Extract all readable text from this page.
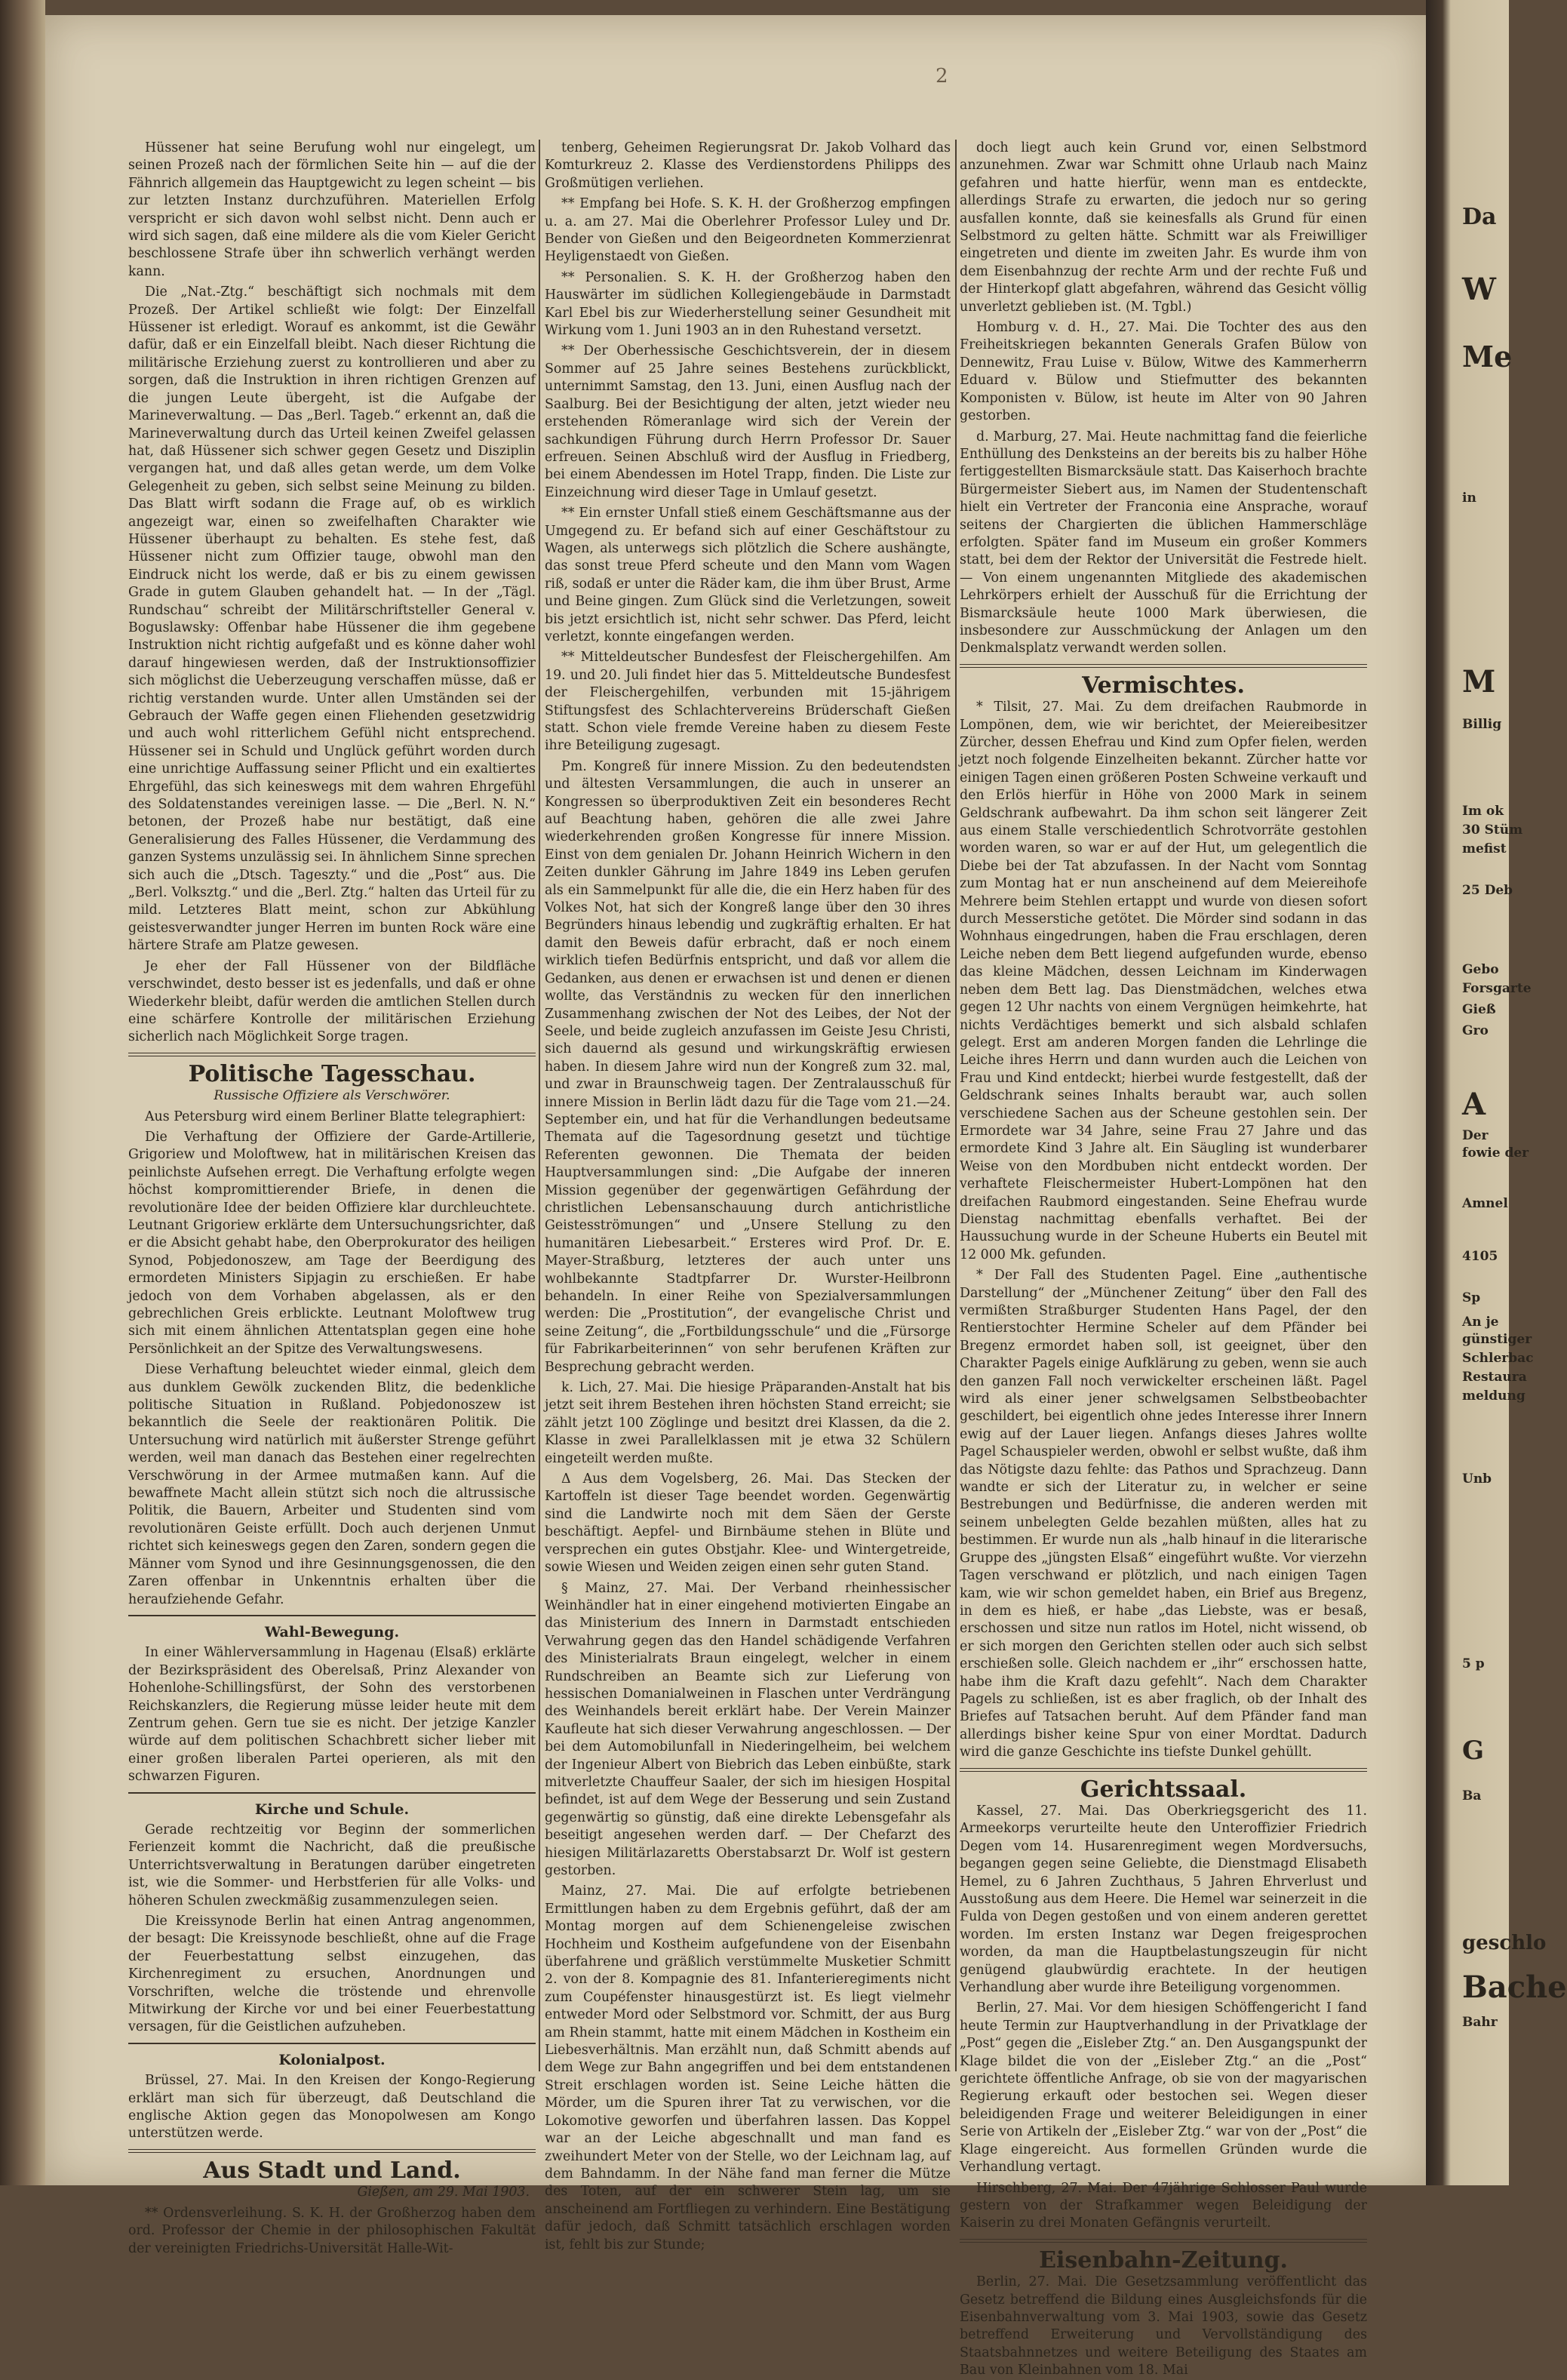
2

Hüssener hat seine Berufung wohl nur eingelegt, um seinen Prozeß nach der förmlichen Seite hin — auf die der Fähnrich allgemein das Hauptgewicht zu legen scheint — bis zur letzten Instanz durchzuführen. Materiellen Erfolg verspricht er sich davon wohl selbst nicht. Denn auch er wird sich sagen, daß eine mildere als die vom Kieler Gericht beschlossene Strafe über ihn schwerlich verhängt werden kann.

Die „Nat.-Ztg.“ beschäftigt sich nochmals mit dem Prozeß. Der Artikel schließt wie folgt: Der Einzelfall Hüssener ist erledigt. Worauf es ankommt, ist die Gewähr dafür, daß er ein Einzelfall bleibt. Nach dieser Richtung die militärische Erziehung zuerst zu kontrollieren und aber zu sorgen, daß die Instruktion in ihren richtigen Grenzen auf die jungen Leute übergeht, ist die Aufgabe der Marineverwaltung. — Das „Berl. Tageb.“ erkennt an, daß die Marineverwaltung durch das Urteil keinen Zweifel gelassen hat, daß Hüssener sich schwer gegen Gesetz und Disziplin vergangen hat, und daß alles getan werde, um dem Volke Gelegenheit zu geben, sich selbst seine Meinung zu bilden. Das Blatt wirft sodann die Frage auf, ob es wirklich angezeigt war, einen so zweifelhaften Charakter wie Hüssener überhaupt zu behalten. Es stehe fest, daß Hüssener nicht zum Offizier tauge, obwohl man den Eindruck nicht los werde, daß er bis zu einem gewissen Grade in gutem Glauben gehandelt hat. — In der „Tägl. Rundschau“ schreibt der Militärschriftsteller General v. Boguslawsky: Offenbar habe Hüssener die ihm gegebene Instruktion nicht richtig aufgefaßt und es könne daher wohl darauf hingewiesen werden, daß der Instruktionsoffizier sich möglichst die Ueberzeugung verschaffen müsse, daß er richtig verstanden wurde. Unter allen Umständen sei der Gebrauch der Waffe gegen einen Fliehenden gesetzwidrig und auch wohl ritterlichem Gefühl nicht entsprechend. Hüssener sei in Schuld und Unglück geführt worden durch eine unrichtige Auffassung seiner Pflicht und ein exaltiertes Ehrgefühl, das sich keineswegs mit dem wahren Ehrgefühl des Soldatenstandes vereinigen lasse. — Die „Berl. N. N.“ betonen, der Prozeß habe nur bestätigt, daß eine Generalisierung des Falles Hüssener, die Verdammung des ganzen Systems unzulässig sei. In ähnlichem Sinne sprechen sich auch die „Dtsch. Tageszty.“ und die „Post“ aus. Die „Berl. Volksztg.“ und die „Berl. Ztg.“ halten das Urteil für zu mild. Letzteres Blatt meint, schon zur Abkühlung geistesverwandter junger Herren im bunten Rock wäre eine härtere Strafe am Platze gewesen.

Je eher der Fall Hüssener von der Bildfläche verschwindet, desto besser ist es jedenfalls, und daß er ohne Wiederkehr bleibt, dafür werden die amtlichen Stellen durch eine schärfere Kontrolle der militärischen Erziehung sicherlich nach Möglichkeit Sorge tragen.

Politische Tagesschau.
Russische Offiziere als Verschwörer.

Aus Petersburg wird einem Berliner Blatte telegraphiert:

Die Verhaftung der Offiziere der Garde-Artillerie, Grigoriew und Moloftwew, hat in militärischen Kreisen das peinlichste Aufsehen erregt. Die Verhaftung erfolgte wegen höchst kompromittierender Briefe, in denen die revolutionäre Idee der beiden Offiziere klar durchleuchtete. Leutnant Grigoriew erklärte dem Untersuchungsrichter, daß er die Absicht gehabt habe, den Oberprokurator des heiligen Synod, Pobjedonoszew, am Tage der Beerdigung des ermordeten Ministers Sipjagin zu erschießen. Er habe jedoch von dem Vorhaben abgelassen, als er den gebrechlichen Greis erblickte. Leutnant Moloftwew trug sich mit einem ähnlichen Attentatsplan gegen eine hohe Persönlichkeit an der Spitze des Verwaltungswesens.

Diese Verhaftung beleuchtet wieder einmal, gleich dem aus dunklem Gewölk zuckenden Blitz, die bedenkliche politische Situation in Rußland. Pobjedonoszew ist bekanntlich die Seele der reaktionären Politik. Die Untersuchung wird natürlich mit äußerster Strenge geführt werden, weil man danach das Bestehen einer regelrechten Verschwörung in der Armee mutmaßen kann. Auf die bewaffnete Macht allein stützt sich noch die altrussische Politik, die Bauern, Arbeiter und Studenten sind vom revolutionären Geiste erfüllt. Doch auch derjenen Unmut richtet sich keineswegs gegen den Zaren, sondern gegen die Männer vom Synod und ihre Gesinnungsgenossen, die den Zaren offenbar in Unkenntnis erhalten über die heraufziehende Gefahr.

Wahl-Bewegung.

In einer Wählerversammlung in Hagenau (Elsaß) erklärte der Bezirkspräsident des Oberelsaß, Prinz Alexander von Hohenlohe-Schillingsfürst, der Sohn des verstorbenen Reichskanzlers, die Regierung müsse leider heute mit dem Zentrum gehen. Gern tue sie es nicht. Der jetzige Kanzler würde auf dem politischen Schachbrett sicher lieber mit einer großen liberalen Partei operieren, als mit den schwarzen Figuren.

Kirche und Schule.

Gerade rechtzeitig vor Beginn der sommerlichen Ferienzeit kommt die Nachricht, daß die preußische Unterrichtsverwaltung in Beratungen darüber eingetreten ist, wie die Sommer- und Herbstferien für alle Volks- und höheren Schulen zweckmäßig zusammenzulegen seien.

Die Kreissynode Berlin hat einen Antrag angenommen, der besagt: Die Kreissynode beschließt, ohne auf die Frage der Feuerbestattung selbst einzugehen, das Kirchenregiment zu ersuchen, Anordnungen und Vorschriften, welche die tröstende und ehrenvolle Mitwirkung der Kirche vor und bei einer Feuerbestattung versagen, für die Geistlichen aufzuheben.

Kolonialpost.

Brüssel, 27. Mai. In den Kreisen der Kongo-Regierung erklärt man sich für überzeugt, daß Deutschland die englische Aktion gegen das Monopolwesen am Kongo unterstützen werde.

Aus Stadt und Land.
Gießen, am 29. Mai 1903.

** Ordensverleihung. S. K. H. der Großherzog haben dem ord. Professor der Chemie in der philosophischen Fakultät der vereinigten Friedrichs-Universität Halle-Wit-

tenberg, Geheimen Regierungsrat Dr. Jakob Volhard das Komturkreuz 2. Klasse des Verdienstordens Philipps des Großmütigen verliehen.

** Empfang bei Hofe. S. K. H. der Großherzog empfingen u. a. am 27. Mai die Oberlehrer Professor Luley und Dr. Bender von Gießen und den Beigeordneten Kommerzienrat Heyligenstaedt von Gießen.

** Personalien. S. K. H. der Großherzog haben den Hauswärter im südlichen Kollegiengebäude in Darmstadt Karl Ebel bis zur Wiederherstellung seiner Gesundheit mit Wirkung vom 1. Juni 1903 an in den Ruhestand versetzt.

** Der Oberhessische Geschichtsverein, der in diesem Sommer auf 25 Jahre seines Bestehens zurückblickt, unternimmt Samstag, den 13. Juni, einen Ausflug nach der Saalburg. Bei der Besichtigung der alten, jetzt wieder neu erstehenden Römeranlage wird sich der Verein der sachkundigen Führung durch Herrn Professor Dr. Sauer erfreuen. Seinen Abschluß wird der Ausflug in Friedberg, bei einem Abendessen im Hotel Trapp, finden. Die Liste zur Einzeichnung wird dieser Tage in Umlauf gesetzt.

** Ein ernster Unfall stieß einem Geschäftsmanne aus der Umgegend zu. Er befand sich auf einer Geschäftstour zu Wagen, als unterwegs sich plötzlich die Schere aushängte, das sonst treue Pferd scheute und den Mann vom Wagen riß, sodaß er unter die Räder kam, die ihm über Brust, Arme und Beine gingen. Zum Glück sind die Verletzungen, soweit bis jetzt ersichtlich ist, nicht sehr schwer. Das Pferd, leicht verletzt, konnte eingefangen werden.

** Mitteldeutscher Bundesfest der Fleischergehilfen. Am 19. und 20. Juli findet hier das 5. Mitteldeutsche Bundesfest der Fleischergehilfen, verbunden mit 15-jährigem Stiftungsfest des Schlachtervereins Brüderschaft Gießen statt. Schon viele fremde Vereine haben zu diesem Feste ihre Beteiligung zugesagt.

Pm. Kongreß für innere Mission. Zu den bedeutendsten und ältesten Versammlungen, die auch in unserer an Kongressen so überproduktiven Zeit ein besonderes Recht auf Beachtung haben, gehören die alle zwei Jahre wiederkehrenden großen Kongresse für innere Mission. Einst von dem genialen Dr. Johann Heinrich Wichern in den Zeiten dunkler Gährung im Jahre 1849 ins Leben gerufen als ein Sammelpunkt für alle die, die ein Herz haben für des Volkes Not, hat sich der Kongreß lange über den 30 ihres Begründers hinaus lebendig und zugkräftig erhalten. Er hat damit den Beweis dafür erbracht, daß er noch einem wirklich tiefen Bedürfnis entspricht, und daß vor allem die Gedanken, aus denen er erwachsen ist und denen er dienen wollte, das Verständnis zu wecken für den innerlichen Zusammenhang zwischen der Not des Leibes, der Not der Seele, und beide zugleich anzufassen im Geiste Jesu Christi, sich dauernd als gesund und wirkungskräftig erwiesen haben. In diesem Jahre wird nun der Kongreß zum 32. mal, und zwar in Braunschweig tagen. Der Zentralausschuß für innere Mission in Berlin lädt dazu für die Tage vom 21.—24. September ein, und hat für die Verhandlungen bedeutsame Themata auf die Tagesordnung gesetzt und tüchtige Referenten gewonnen. Die Themata der beiden Hauptversammlungen sind: „Die Aufgabe der inneren Mission gegenüber der gegenwärtigen Gefährdung der christlichen Lebensanschauung durch antichristliche Geistesströmungen“ und „Unsere Stellung zu den humanitären Liebesarbeit.“ Ersteres wird Prof. Dr. E. Mayer-Straßburg, letzteres der auch unter uns wohlbekannte Stadtpfarrer Dr. Wurster-Heilbronn behandeln. In einer Reihe von Spezialversammlungen werden: Die „Prostitution“, der evangelische Christ und seine Zeitung“, die „Fortbildungsschule“ und die „Fürsorge für Fabrikarbeiterinnen“ von sehr berufenen Kräften zur Besprechung gebracht werden.

k. Lich, 27. Mai. Die hiesige Präparanden-Anstalt hat bis jetzt seit ihrem Bestehen ihren höchsten Stand erreicht; sie zählt jetzt 100 Zöglinge und besitzt drei Klassen, da die 2. Klasse in zwei Parallelklassen mit je etwa 32 Schülern eingeteilt werden mußte.

Δ Aus dem Vogelsberg, 26. Mai. Das Stecken der Kartoffeln ist dieser Tage beendet worden. Gegenwärtig sind die Landwirte noch mit dem Säen der Gerste beschäftigt. Aepfel- und Birnbäume stehen in Blüte und versprechen ein gutes Obstjahr. Klee- und Wintergetreide, sowie Wiesen und Weiden zeigen einen sehr guten Stand.

§ Mainz, 27. Mai. Der Verband rheinhessischer Weinhändler hat in einer eingehend motivierten Eingabe an das Ministerium des Innern in Darmstadt entschieden Verwahrung gegen das den Handel schädigende Verfahren des Ministerialrats Braun eingelegt, welcher in einem Rundschreiben an Beamte sich zur Lieferung von hessischen Domanialweinen in Flaschen unter Verdrängung des Weinhandels bereit erklärt habe. Der Verein Mainzer Kaufleute hat sich dieser Verwahrung angeschlossen. — Der bei dem Automobilunfall in Niederingelheim, bei welchem der Ingenieur Albert von Biebrich das Leben einbüßte, stark mitverletzte Chauffeur Saaler, der sich im hiesigen Hospital befindet, ist auf dem Wege der Besserung und sein Zustand gegenwärtig so günstig, daß eine direkte Lebensgefahr als beseitigt angesehen werden darf. — Der Chefarzt des hiesigen Militärlazaretts Oberstabsarzt Dr. Wolf ist gestern gestorben.

Mainz, 27. Mai. Die auf erfolgte betriebenen Ermittlungen haben zu dem Ergebnis geführt, daß der am Montag morgen auf dem Schienengeleise zwischen Hochheim und Kostheim aufgefundene von der Eisenbahn überfahrene und gräßlich verstümmelte Musketier Schmitt 2. von der 8. Kompagnie des 81. Infanterieregiments nicht zum Coupéfenster hinausgestürzt ist. Es liegt vielmehr entweder Mord oder Selbstmord vor. Schmitt, der aus Burg am Rhein stammt, hatte mit einem Mädchen in Kostheim ein Liebesverhältnis. Man erzählt nun, daß Schmitt abends auf dem Wege zur Bahn angegriffen und bei dem entstandenen Streit erschlagen worden ist. Seine Leiche hätten die Mörder, um die Spuren ihrer Tat zu verwischen, vor die Lokomotive geworfen und überfahren lassen. Das Koppel war an der Leiche abgeschnallt und man fand es zweihundert Meter von der Stelle, wo der Leichnam lag, auf dem Bahndamm. In der Nähe fand man ferner die Mütze des Toten, auf der ein schwerer Stein lag, um sie anscheinend am Fortfliegen zu verhindern. Eine Bestätigung dafür jedoch, daß Schmitt tatsächlich erschlagen worden ist, fehlt bis zur Stunde;

doch liegt auch kein Grund vor, einen Selbstmord anzunehmen. Zwar war Schmitt ohne Urlaub nach Mainz gefahren und hatte hierfür, wenn man es entdeckte, allerdings Strafe zu erwarten, die jedoch nur so gering ausfallen konnte, daß sie keinesfalls als Grund für einen Selbstmord zu gelten hätte. Schmitt war als Freiwilliger eingetreten und diente im zweiten Jahr. Es wurde ihm von dem Eisenbahnzug der rechte Arm und der rechte Fuß und der Hinterkopf glatt abgefahren, während das Gesicht völlig unverletzt geblieben ist. (M. Tgbl.)

Homburg v. d. H., 27. Mai. Die Tochter des aus den Freiheitskriegen bekannten Generals Grafen Bülow von Dennewitz, Frau Luise v. Bülow, Witwe des Kammerherrn Eduard v. Bülow und Stiefmutter des bekannten Komponisten v. Bülow, ist heute im Alter von 90 Jahren gestorben.

d. Marburg, 27. Mai. Heute nachmittag fand die feierliche Enthüllung des Denksteins an der bereits bis zu halber Höhe fertiggestellten Bismarcksäule statt. Das Kaiserhoch brachte Bürgermeister Siebert aus, im Namen der Studentenschaft hielt ein Vertreter der Franconia eine Ansprache, worauf seitens der Chargierten die üblichen Hammerschläge erfolgten. Später fand im Museum ein großer Kommers statt, bei dem der Rektor der Universität die Festrede hielt. — Von einem ungenannten Mitgliede des akademischen Lehrkörpers erhielt der Ausschuß für die Errichtung der Bismarcksäule heute 1000 Mark überwiesen, die insbesondere zur Ausschmückung der Anlagen um den Denkmalsplatz verwandt werden sollen.

Vermischtes.

* Tilsit, 27. Mai. Zu dem dreifachen Raubmorde in Lompönen, dem, wie wir berichtet, der Meiereibesitzer Zürcher, dessen Ehefrau und Kind zum Opfer fielen, werden jetzt noch folgende Einzelheiten bekannt. Zürcher hatte vor einigen Tagen einen größeren Posten Schweine verkauft und den Erlös hierfür in Höhe von 2000 Mark in seinem Geldschrank aufbewahrt. Da ihm schon seit längerer Zeit aus einem Stalle verschiedentlich Schrotvorräte gestohlen worden waren, so war er auf der Hut, um gelegentlich die Diebe bei der Tat abzufassen. In der Nacht vom Sonntag zum Montag hat er nun anscheinend auf dem Meiereihofe Mehrere beim Stehlen ertappt und wurde von diesen sofort durch Messerstiche getötet. Die Mörder sind sodann in das Wohnhaus eingedrungen, haben die Frau erschlagen, deren Leiche neben dem Bett liegend aufgefunden wurde, ebenso das kleine Mädchen, dessen Leichnam im Kinderwagen neben dem Bett lag. Das Dienstmädchen, welches etwa gegen 12 Uhr nachts von einem Vergnügen heimkehrte, hat nichts Verdächtiges bemerkt und sich alsbald schlafen gelegt. Erst am anderen Morgen fanden die Lehrlinge die Leiche ihres Herrn und dann wurden auch die Leichen von Frau und Kind entdeckt; hierbei wurde festgestellt, daß der Geldschrank seines Inhalts beraubt war, auch sollen verschiedene Sachen aus der Scheune gestohlen sein. Der Ermordete war 34 Jahre, seine Frau 27 Jahre und das ermordete Kind 3 Jahre alt. Ein Säugling ist wunderbarer Weise von den Mordbuben nicht entdeckt worden. Der verhaftete Fleischermeister Hubert-Lompönen hat den dreifachen Raubmord eingestanden. Seine Ehefrau wurde Dienstag nachmittag ebenfalls verhaftet. Bei der Haussuchung wurde in der Scheune Huberts ein Beutel mit 12 000 Mk. gefunden.

* Der Fall des Studenten Pagel. Eine „authentische Darstellung“ der „Münchener Zeitung“ über den Fall des vermißten Straßburger Studenten Hans Pagel, der den Rentierstochter Hermine Scheler auf dem Pfänder bei Bregenz ermordet haben soll, ist geeignet, über den Charakter Pagels einige Aufklärung zu geben, wenn sie auch den ganzen Fall noch verwickelter erscheinen läßt. Pagel wird als einer jener schwelgsamen Selbstbeobachter geschildert, bei eigentlich ohne jedes Interesse ihrer Innern ewig auf der Lauer liegen. Anfangs dieses Jahres wollte Pagel Schauspieler werden, obwohl er selbst wußte, daß ihm das Nötigste dazu fehlte: das Pathos und Sprachzeug. Dann wandte er sich der Literatur zu, in welcher er seine Bestrebungen und Bedürfnisse, die anderen werden mit seinem unbelegten Gelde bezahlen müßten, alles hat zu bestimmen. Er wurde nun als „halb hinauf in die literarische Gruppe des „jüngsten Elsaß“ eingeführt wußte. Vor vierzehn Tagen verschwand er plötzlich, und nach einigen Tagen kam, wie wir schon gemeldet haben, ein Brief aus Bregenz, in dem es hieß, er habe „das Liebste, was er besaß, erschossen und sitze nun ratlos im Hotel, nicht wissend, ob er sich morgen den Gerichten stellen oder auch sich selbst erschießen solle. Gleich nachdem er „ihr“ erschossen hatte, habe ihm die Kraft dazu gefehlt“. Nach dem Charakter Pagels zu schließen, ist es aber fraglich, ob der Inhalt des Briefes auf Tatsachen beruht. Auf dem Pfänder fand man allerdings bisher keine Spur von einer Mordtat. Dadurch wird die ganze Geschichte ins tiefste Dunkel gehüllt.

Gerichtssaal.

Kassel, 27. Mai. Das Oberkriegsgericht des 11. Armeekorps verurteilte heute den Unteroffizier Friedrich Degen vom 14. Husarenregiment wegen Mordversuchs, begangen gegen seine Geliebte, die Dienstmagd Elisabeth Hemel, zu 6 Jahren Zuchthaus, 5 Jahren Ehrverlust und Ausstoßung aus dem Heere. Die Hemel war seinerzeit in die Fulda von Degen gestoßen und von einem anderen gerettet worden. Im ersten Instanz war Degen freigesprochen worden, da man die Hauptbelastungszeugin für nicht genügend glaubwürdig erachtete. In der heutigen Verhandlung aber wurde ihre Beteiligung vorgenommen.

Berlin, 27. Mai. Vor dem hiesigen Schöffengericht I fand heute Termin zur Hauptverhandlung in der Privatklage der „Post“ gegen die „Eisleber Ztg.“ an. Den Ausgangspunkt der Klage bildet die von der „Eisleber Ztg.“ an die „Post“ gerichtete öffentliche Anfrage, ob sie von der magyarischen Regierung erkauft oder bestochen sei. Wegen dieser beleidigenden Frage und weiterer Beleidigungen in einer Serie von Artikeln der „Eisleber Ztg.“ war von der „Post“ die Klage eingereicht. Aus formellen Gründen wurde die Verhandlung vertagt.

Hirschberg, 27. Mai. Der 47jährige Schlosser Paul wurde gestern von der Strafkammer wegen Beleidigung der Kaiserin zu drei Monaten Gefängnis verurteilt.

Eisenbahn-Zeitung.

Berlin, 27. Mai. Die Gesetzsammlung veröffentlicht das Gesetz betreffend die Bildung eines Ausgleichsfonds für die Eisenbahnverwaltung vom 3. Mai 1903, sowie das Gesetz betreffend Erweiterung und Vervollständigung des Staatsbahnnetzes und weitere Beteiligung des Staates am Bau von Kleinbahnen vom 18. Mai

Da
W
Me
in
M
Billig
Im ok
30 Stüm
mefist
25 Deb
Gebo
Forsgarte
Gieß
Gro
A
Der
fowie der
Amnel
4105
Sp
An je
günstiger
Schlerbac
Restaura
meldung
Unb
5 p
G
Ba
geschlo
Bache
Bahr
